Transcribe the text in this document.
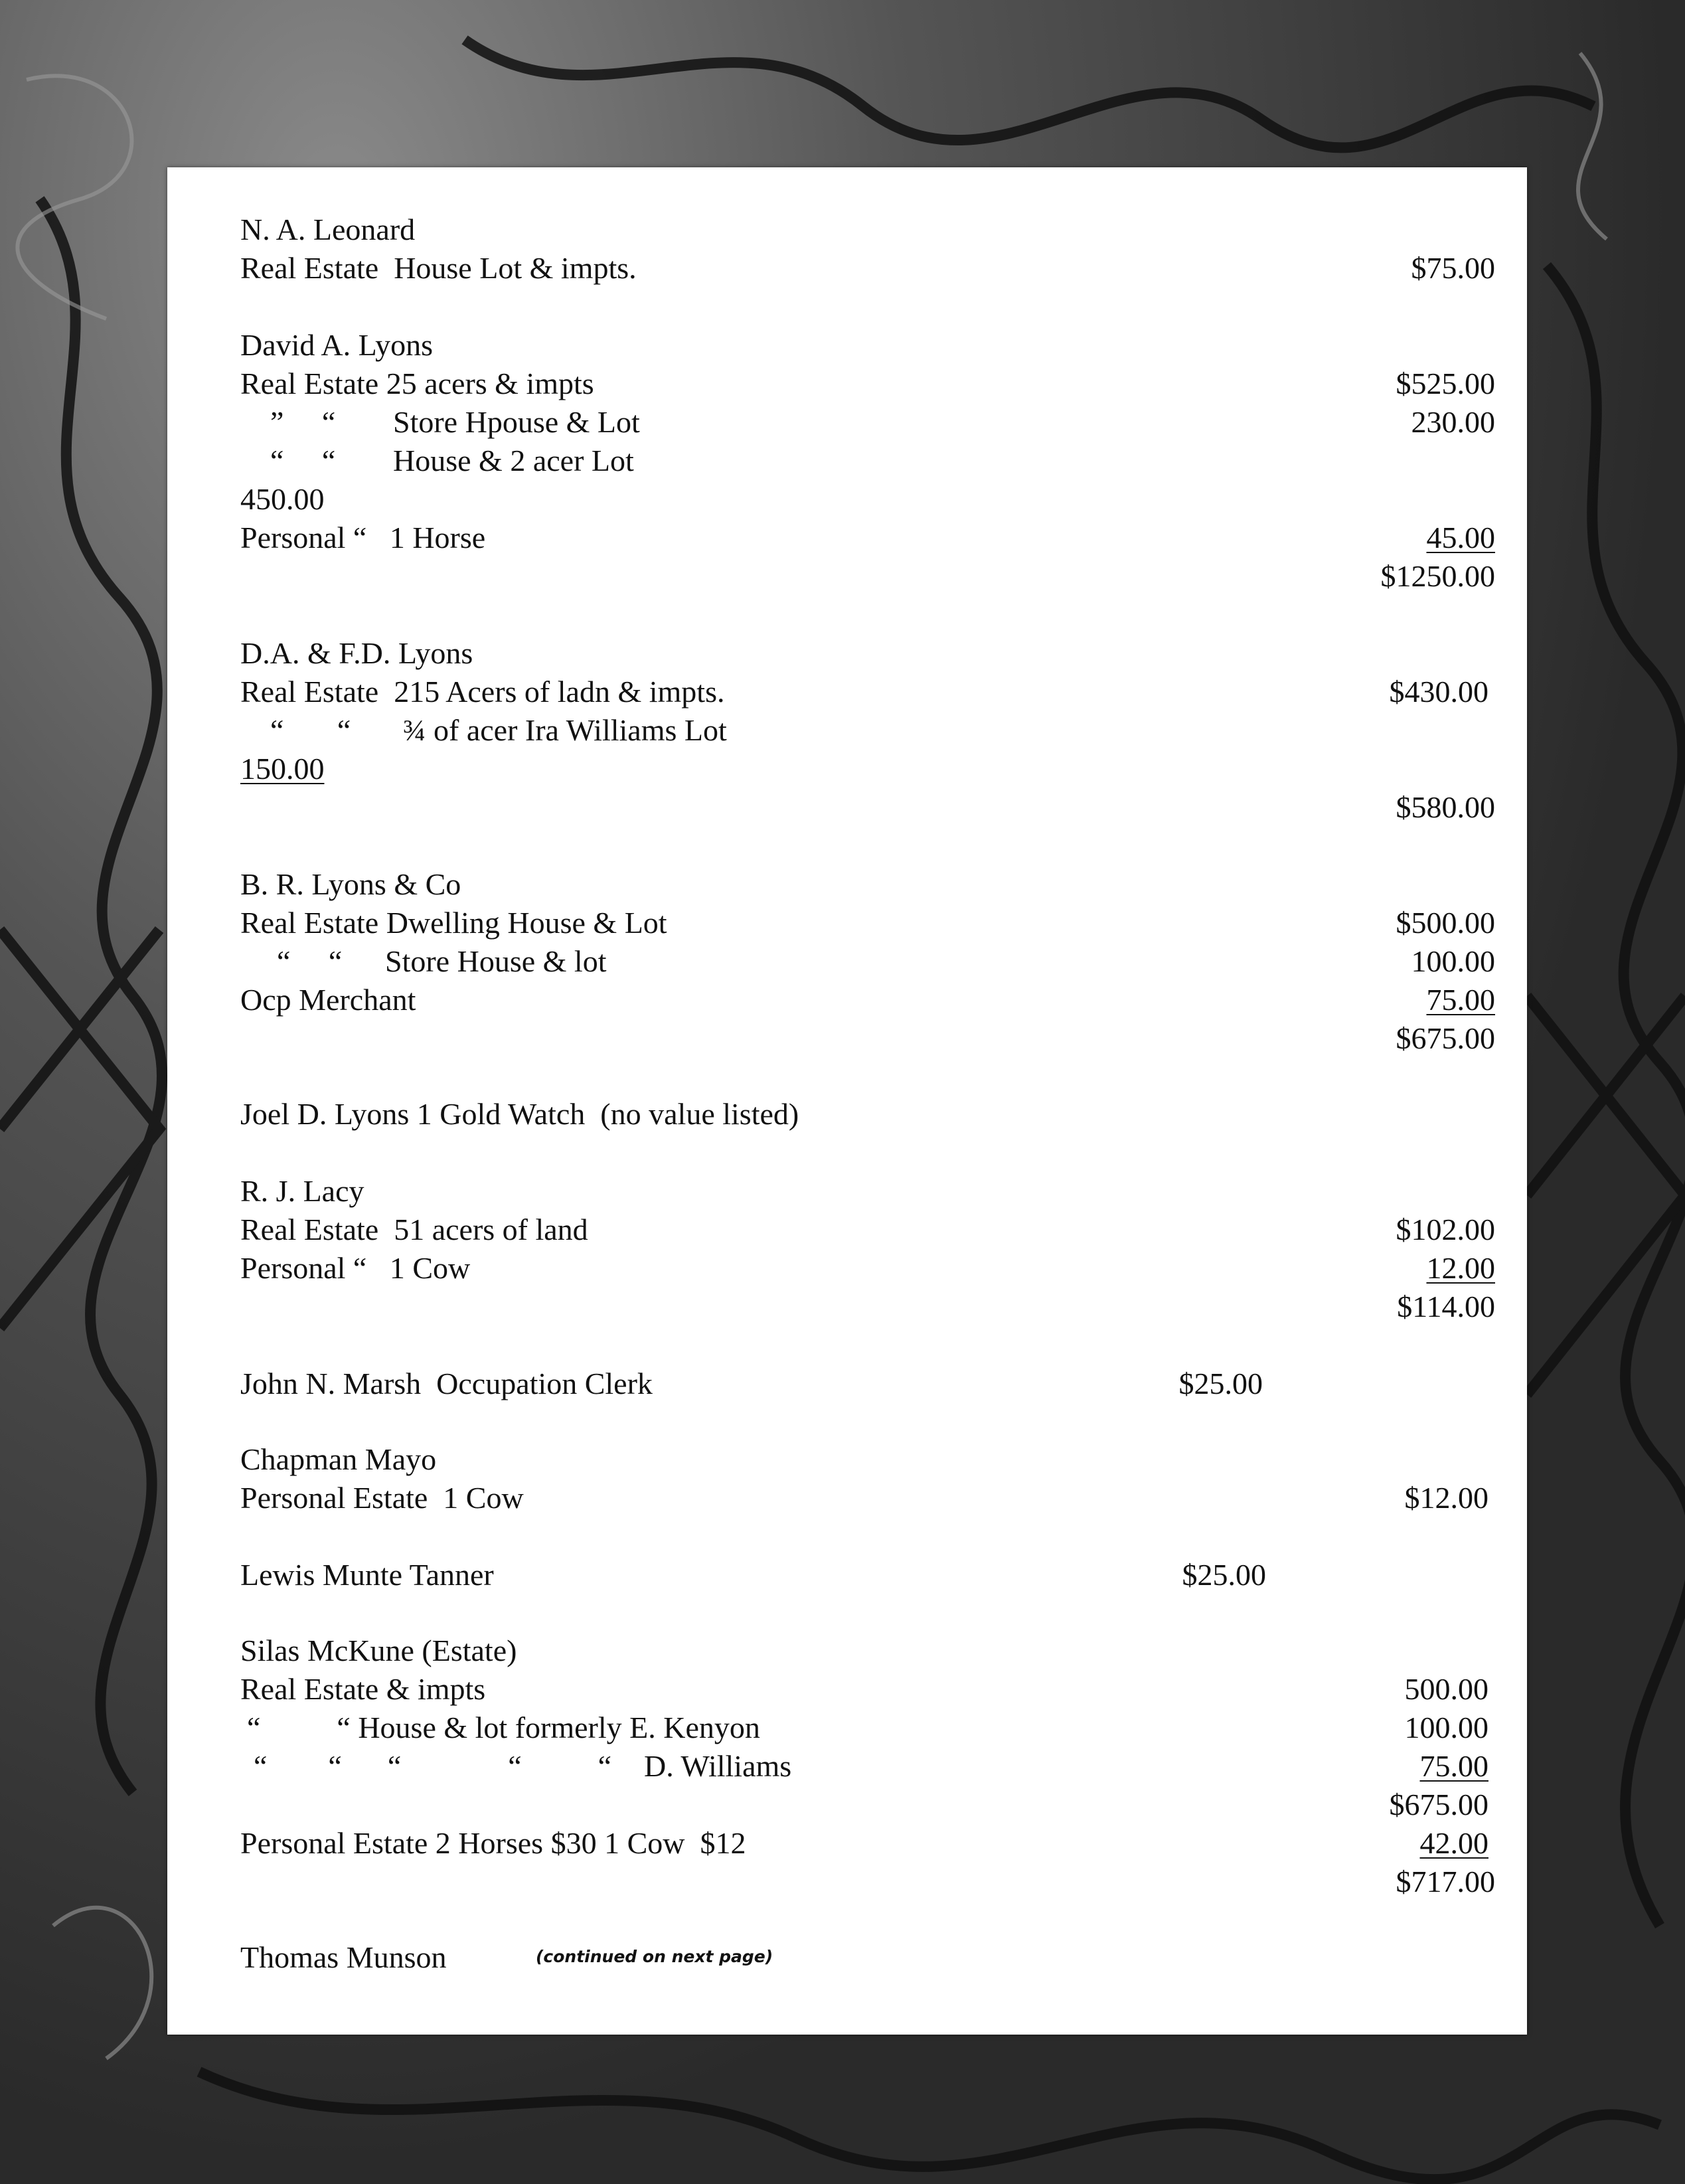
N. A. Leonard
Real Estate  House Lot & impts.	$75.00
David A. Lyons
Real Estate 25 acers & impts	$525.00
”     “ Store Hpouse & Lot	230.00
“     “ House & 2 acer Lot
450.00
Personal “   1 Horse	45.00
$1250.00
D.A. & F.D. Lyons
Real Estate  215 Acers of ladn & impts.	$430.00
“       “ ¾ of acer Ira Williams Lot
150.00
$580.00
B. R. Lyons & Co
Real Estate Dwelling House & Lot	$500.00
“     “ Store House & lot	100.00
Ocp Merchant	75.00
$675.00
Joel D. Lyons 1 Gold Watch  (no value listed)
R. J. Lacy
Real Estate  51 acers of land	$102.00
Personal “   1 Cow	12.00
$114.00
John N. Marsh  Occupation Clerk	$25.00
Chapman Mayo
Personal Estate  1 Cow	$12.00
Lewis Munte Tanner	$25.00
Silas McKune (Estate)
Real Estate & impts	500.00
“          “ House & lot formerly E. Kenyon	100.00
“        “      “              “          “ D. Williams	75.00
$675.00
Personal Estate 2 Horses $30 1 Cow  $12	42.00
$717.00
Thomas Munson	(continued on next page)
